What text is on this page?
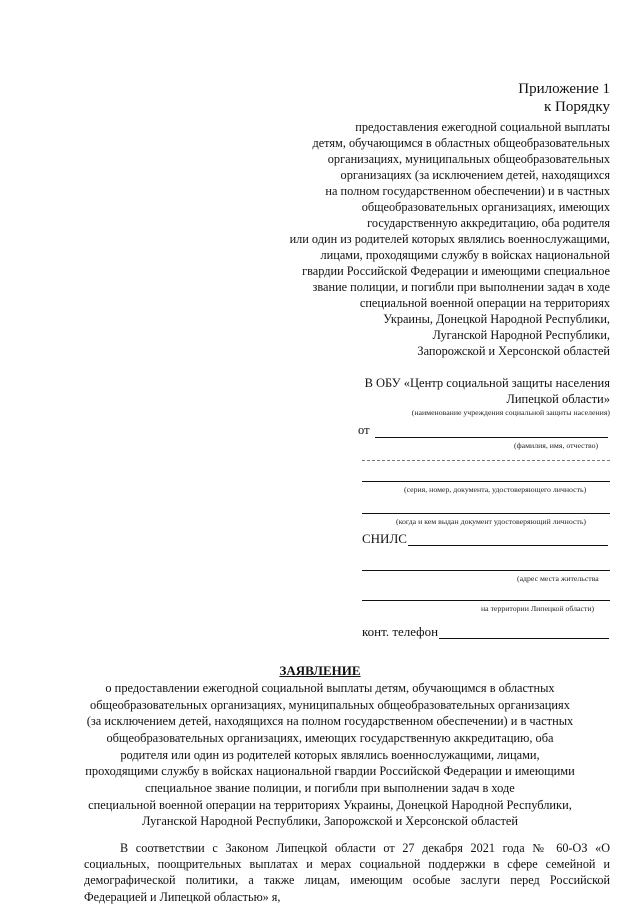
Приложение 1
к Порядку
предоставления ежегодной социальной выплаты
детям, обучающимся в областных общеобразовательных
организациях, муниципальных общеобразовательных
организациях (за исключением детей, находящихся
на полном государственном обеспечении) и в частных
общеобразовательных организациях, имеющих
государственную аккредитацию, оба родителя
или один из родителей которых являлись военнослужащими,
лицами, проходящими службу в войсках национальной
гвардии Российской Федерации и имеющими специальное
звание полиции, и погибли при выполнении задач в ходе
специальной военной операции на территориях
Украины, Донецкой Народной Республики,
Луганской Народной Республики,
Запорожской и Херсонской областей
В ОБУ «Центр социальной защиты населения
Липецкой области»
(наименование учреждения социальной защиты населения)
от
(фамилия, имя, отчество)
(серия, номер, документа, удостоверяющего личность)
(когда и кем выдан документ удостоверяющий личность)
СНИЛС
(адрес места жительства
на территории Липецкой области)
конт. телефон
ЗАЯВЛЕНИЕ
о предоставлении ежегодной социальной выплаты детям, обучающимся в областных
общеобразовательных организациях, муниципальных общеобразовательных организациях
(за исключением детей, находящихся на полном государственном обеспечении) и в частных
общеобразовательных организациях, имеющих государственную аккредитацию, оба
родителя или один из родителей которых являлись военнослужащими, лицами,
проходящими службу в войсках национальной гвардии Российской Федерации и имеющими
специальное звание полиции, и погибли при выполнении задач в ходе
специальной военной операции на территориях Украины, Донецкой Народной Республики,
Луганской Народной Республики, Запорожской и Херсонской областей
В соответствии с Законом Липецкой области от 27 декабря 2021 года № 60-ОЗ «О
социальных, поощрительных выплатах и мерах социальной поддержки в сфере семейной и
демографической политики, а также лицам, имеющим особые заслуги перед Российской
Федерацией и Липецкой областью» я,
